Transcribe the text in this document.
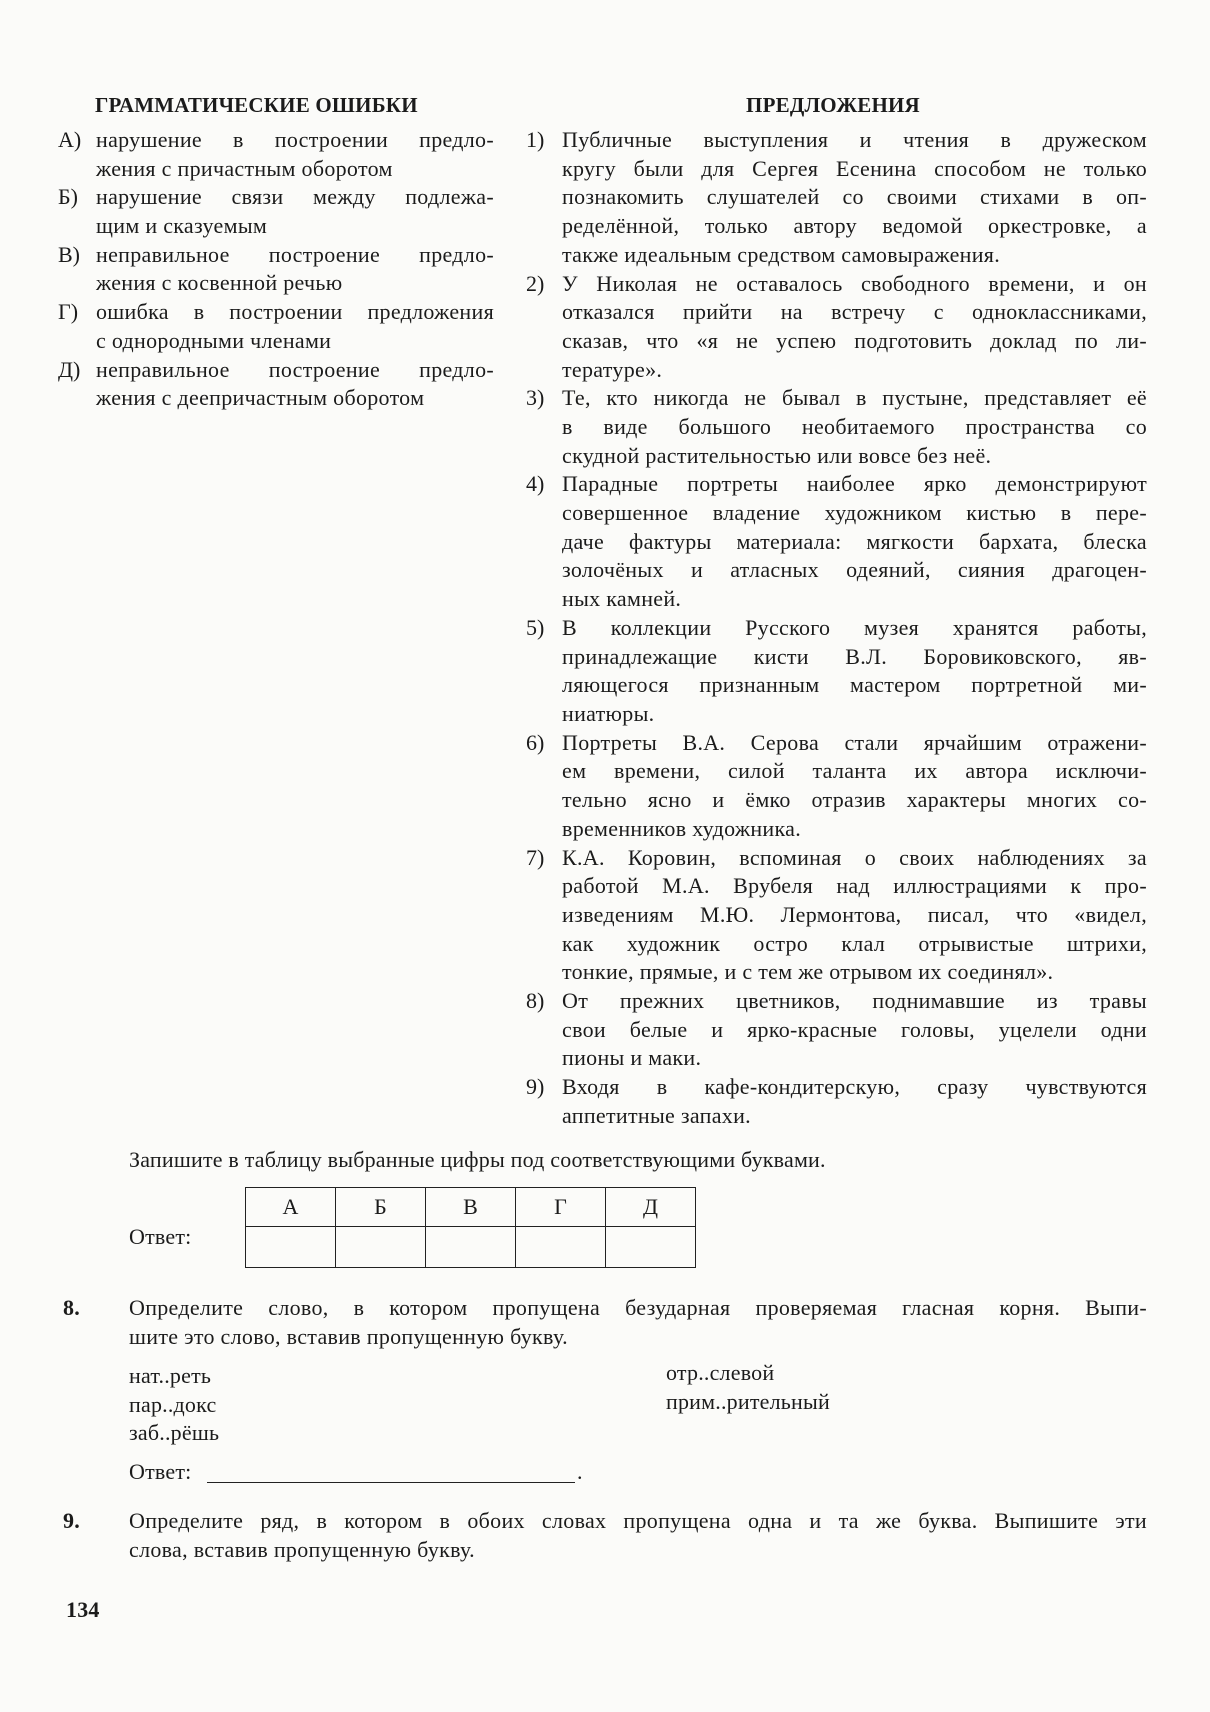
ГРАММАТИЧЕСКИЕ ОШИБКИ	ПРЕДЛОЖЕНИЯ
А) нарушение в построении предло-
жения с причастным оборотом
Б) нарушение связи между подлежа-
щим и сказуемым
В) неправильное построение предло-
жения с косвенной речью
Г) ошибка в построении предложения
с однородными членами
Д) неправильное построение предло-
жения с деепричастным оборотом
1) Публичные выступления и чтения в дружеском
кругу были для Сергея Есенина способом не только
познакомить слушателей со своими стихами в оп-
ределённой, только автору ведомой оркестровке, а
также идеальным средством самовыражения.
2) У Николая не оставалось свободного времени, и он
отказался прийти на встречу с одноклассниками,
сказав, что «я не успею подготовить доклад по ли-
тературе».
3) Те, кто никогда не бывал в пустыне, представляет её
в виде большого необитаемого пространства со
скудной растительностью или вовсе без неё.
4) Парадные портреты наиболее ярко демонстрируют
совершенное владение художником кистью в пере-
даче фактуры материала: мягкости бархата, блеска
золочёных и атласных одеяний, сияния драгоцен-
ных камней.
5) В коллекции Русского музея хранятся работы,
принадлежащие кисти В.Л. Боровиковского, яв-
ляющегося признанным мастером портретной ми-
ниатюры.
6) Портреты В.А. Серова стали ярчайшим отражени-
ем времени, силой таланта их автора исключи-
тельно ясно и ёмко отразив характеры многих со-
временников художника.
7) К.А. Коровин, вспоминая о своих наблюдениях за
работой М.А. Врубеля над иллюстрациями к про-
изведениям М.Ю. Лермонтова, писал, что «видел,
как художник остро клал отрывистые штрихи,
тонкие, прямые, и с тем же отрывом их соединял».
8) От прежних цветников, поднимавшие из травы
свои белые и ярко-красные головы, уцелели одни
пионы и маки.
9) Входя в кафе-кондитерскую, сразу чувствуются
аппетитные запахи.
Запишите в таблицу выбранные цифры под соответствующими буквами.
Ответ:
А	Б	В	Г	Д

8. Определите слово, в котором пропущена безударная проверяемая гласная корня. Выпи-
шите это слово, вставив пропущенную букву.
нат..реть
пар..докс
заб..рёшь
отр..слевой
прим..рительный
Ответ:	.
9. Определите ряд, в котором в обоих словах пропущена одна и та же буква. Выпишите эти
слова, вставив пропущенную букву.
134
